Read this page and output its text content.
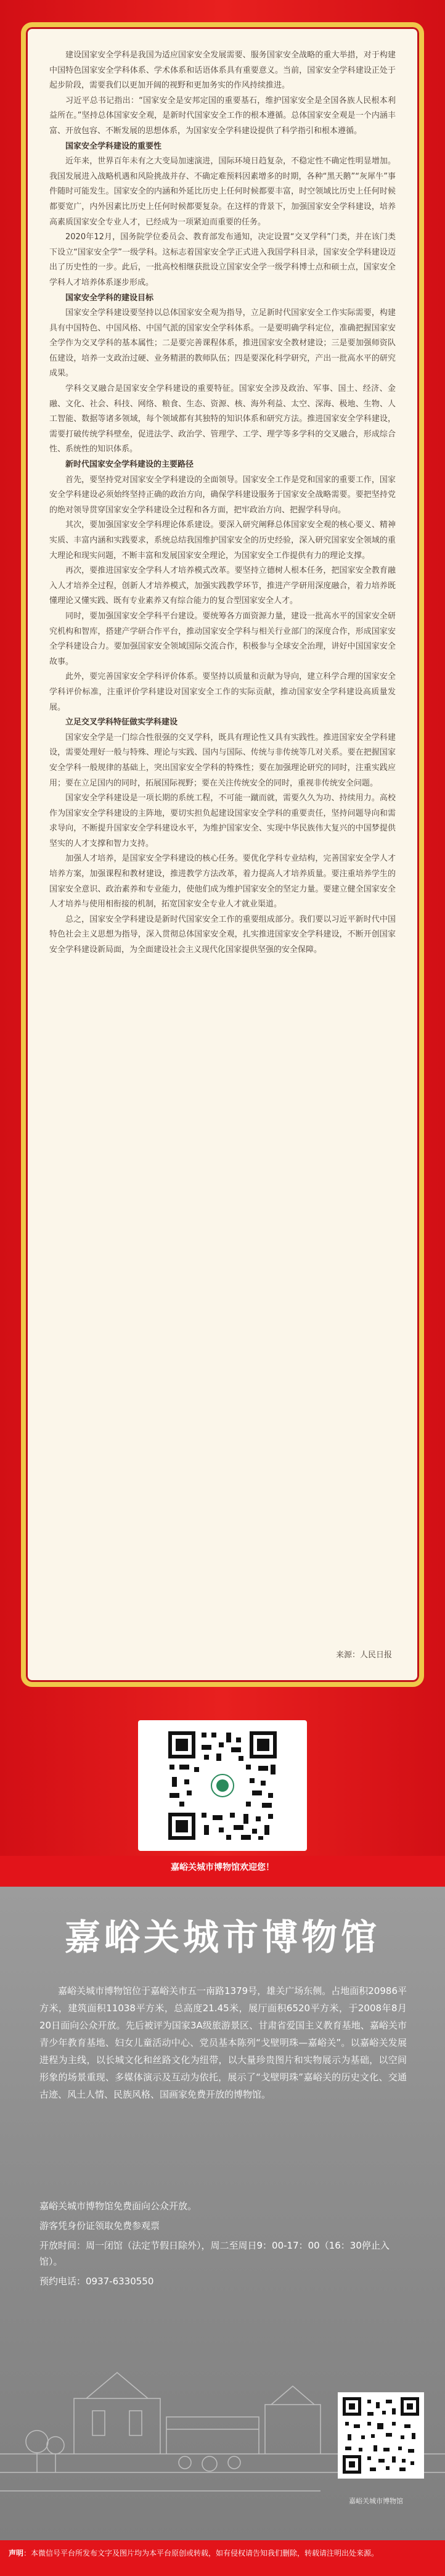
建设国家安全学科是我国为适应国家安全发展需要、服务国家安全战略的重大举措，对于构建中国特色国家安全学科体系、学术体系和话语体系具有重要意义。当前，国家安全学科建设正处于起步阶段，需要我们以更加开阔的视野和更加务实的作风持续推进。

习近平总书记指出：“国家安全是安邦定国的重要基石，维护国家安全是全国各族人民根本利益所在。”坚持总体国家安全观，是新时代国家安全工作的根本遵循。总体国家安全观是一个内涵丰富、开放包容、不断发展的思想体系，为国家安全学科建设提供了科学指引和根本遵循。

国家安全学科建设的重要性

近年来，世界百年未有之大变局加速演进，国际环境日趋复杂，不稳定性不确定性明显增加。我国发展进入战略机遇和风险挑战并存、不确定难预料因素增多的时期，各种“黑天鹅”“灰犀牛”事件随时可能发生。国家安全的内涵和外延比历史上任何时候都要丰富，时空领域比历史上任何时候都要宽广，内外因素比历史上任何时候都要复杂。在这样的背景下，加强国家安全学科建设，培养高素质国家安全专业人才，已经成为一项紧迫而重要的任务。

2020年12月，国务院学位委员会、教育部发布通知，决定设置“交叉学科”门类，并在该门类下设立“国家安全学”一级学科。这标志着国家安全学正式进入我国学科目录，国家安全学科建设迈出了历史性的一步。此后，一批高校相继获批设立国家安全学一级学科博士点和硕士点，国家安全学科人才培养体系逐步形成。

国家安全学科的建设目标

国家安全学科建设要坚持以总体国家安全观为指导，立足新时代国家安全工作实际需要，构建具有中国特色、中国风格、中国气派的国家安全学科体系。一是要明确学科定位，准确把握国家安全学作为交叉学科的基本属性；二是要完善课程体系，推进国家安全教材建设；三是要加强师资队伍建设，培养一支政治过硬、业务精湛的教师队伍；四是要深化科学研究，产出一批高水平的研究成果。

学科交叉融合是国家安全学科建设的重要特征。国家安全涉及政治、军事、国土、经济、金融、文化、社会、科技、网络、粮食、生态、资源、核、海外利益、太空、深海、极地、生物、人工智能、数据等诸多领域，每个领域都有其独特的知识体系和研究方法。推进国家安全学科建设，需要打破传统学科壁垒，促进法学、政治学、管理学、工学、理学等多学科的交叉融合，形成综合性、系统性的知识体系。

新时代国家安全学科建设的主要路径

首先，要坚持党对国家安全学科建设的全面领导。国家安全工作是党和国家的重要工作，国家安全学科建设必须始终坚持正确的政治方向，确保学科建设服务于国家安全战略需要。要把坚持党的绝对领导贯穿国家安全学科建设全过程和各方面，把牢政治方向、把握学科导向。

其次，要加强国家安全学科理论体系建设。要深入研究阐释总体国家安全观的核心要义、精神实质、丰富内涵和实践要求，系统总结我国维护国家安全的历史经验，深入研究国家安全领域的重大理论和现实问题，不断丰富和发展国家安全理论，为国家安全工作提供有力的理论支撑。

再次，要推进国家安全学科人才培养模式改革。要坚持立德树人根本任务，把国家安全教育融入人才培养全过程，创新人才培养模式，加强实践教学环节，推进产学研用深度融合，着力培养既懂理论又懂实践、既有专业素养又有综合能力的复合型国家安全人才。

同时，要加强国家安全学科平台建设。要统筹各方面资源力量，建设一批高水平的国家安全研究机构和智库，搭建产学研合作平台，推动国家安全学科与相关行业部门的深度合作，形成国家安全学科建设合力。要加强国家安全领域国际交流合作，积极参与全球安全治理，讲好中国国家安全故事。

此外，要完善国家安全学科评价体系。要坚持以质量和贡献为导向，建立科学合理的国家安全学科评价标准，注重评价学科建设对国家安全工作的实际贡献，推动国家安全学科建设高质量发展。

立足交叉学科特征做实学科建设

国家安全学是一门综合性很强的交叉学科，既具有理论性又具有实践性。推进国家安全学科建设，需要处理好一般与特殊、理论与实践、国内与国际、传统与非传统等几对关系。要在把握国家安全学科一般规律的基础上，突出国家安全学科的特殊性；要在加强理论研究的同时，注重实践应用；要在立足国内的同时，拓展国际视野；要在关注传统安全的同时，重视非传统安全问题。

国家安全学科建设是一项长期的系统工程，不可能一蹴而就，需要久久为功、持续用力。高校作为国家安全学科建设的主阵地，要切实担负起建设国家安全学科的重要责任，坚持问题导向和需求导向，不断提升国家安全学科建设水平，为维护国家安全、实现中华民族伟大复兴的中国梦提供坚实的人才支撑和智力支持。

加强人才培养，是国家安全学科建设的核心任务。要优化学科专业结构，完善国家安全学人才培养方案，加强课程和教材建设，推进教学方法改革，着力提高人才培养质量。要注重培养学生的国家安全意识、政治素养和专业能力，使他们成为维护国家安全的坚定力量。要建立健全国家安全人才培养与使用相衔接的机制，拓宽国家安全专业人才就业渠道。

总之，国家安全学科建设是新时代国家安全工作的重要组成部分。我们要以习近平新时代中国特色社会主义思想为指导，深入贯彻总体国家安全观，扎实推进国家安全学科建设，不断开创国家安全学科建设新局面，为全面建设社会主义现代化国家提供坚强的安全保障。

来源：人民日报
嘉峪关城市博物馆欢迎您！
嘉峪关城市博物馆
嘉峪关城市博物馆位于嘉峪关市五一南路1379号，雄关广场东侧。占地面积20986平方米，建筑面积11038平方米，总高度21.45米，展厅面积6520平方米，于2008年8月20日面向公众开放。先后被评为国家3A级旅游景区、甘肃省爱国主义教育基地、嘉峪关市青少年教育基地、妇女儿童活动中心、党员基本陈列“戈壁明珠—嘉峪关”。以嘉峪关发展进程为主线，以长城文化和丝路文化为纽带，以大量珍贵图片和实物展示为基础，以空间形象的场景重现、多媒体演示及互动为依托，展示了“戈壁明珠”嘉峪关的历史文化、交通古迹、风土人情、民族风格、国画家免费开放的博物馆。
嘉峪关城市博物馆免费面向公众开放。
游客凭身份证领取免费参观票
开放时间：周一闭馆（法定节假日除外），周二至周日9：00-17：00（16：30停止入馆）。
预约电话：0937-6330550
嘉峪关城市博物馆
声明：本微信号平台所发布文字及图片均为本平台原创或转载，如有侵权请告知我们删除，转载请注明出处来源。
